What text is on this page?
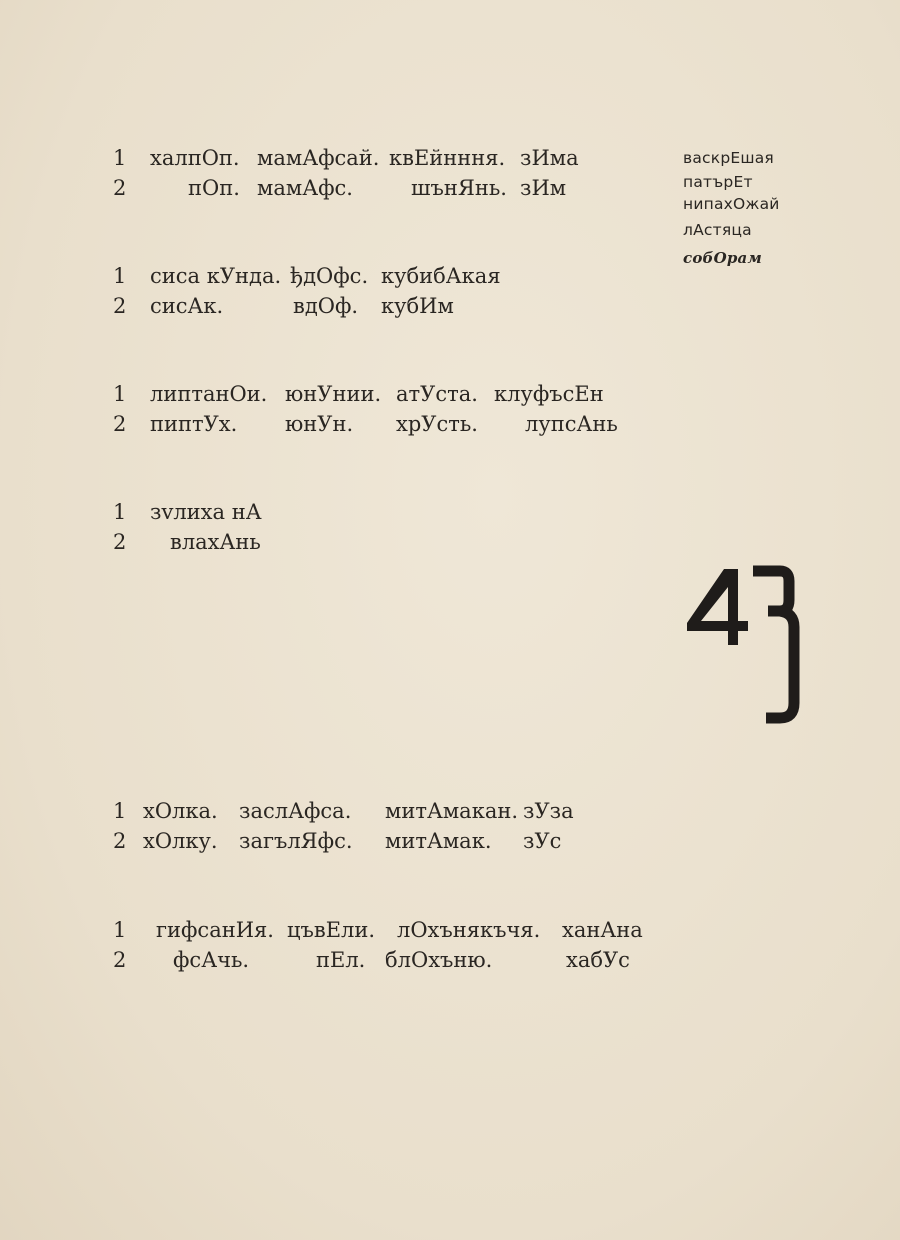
1	халпОп. мамАфсай. квЕйнння. зИма
2	пОп. мамАфс.	шънЯнь. зИм
1	сиса кУнда. ђдОфс. кубибАкая
2	сисАк.	вдОф. кубИм
1	липтанОи. юнУнии. атУста. клуфъсЕн
2	пиптУх. юнУн. хрУсть. лупсАнь
1	зvлиха нА
2	влахАнь
1 хОлка. заслАфса. митАмакан. зУза
2 хОлку. загълЯфс. митАмак. зУс
1	гифсанИя. цъвЕли. лОхънякъчя. ханАна
2	фсАчь.	пЕл. блОхъню.	хабУс
васкрЕшая
патърЕт
нипахОжай
лАстяца
собОрам
